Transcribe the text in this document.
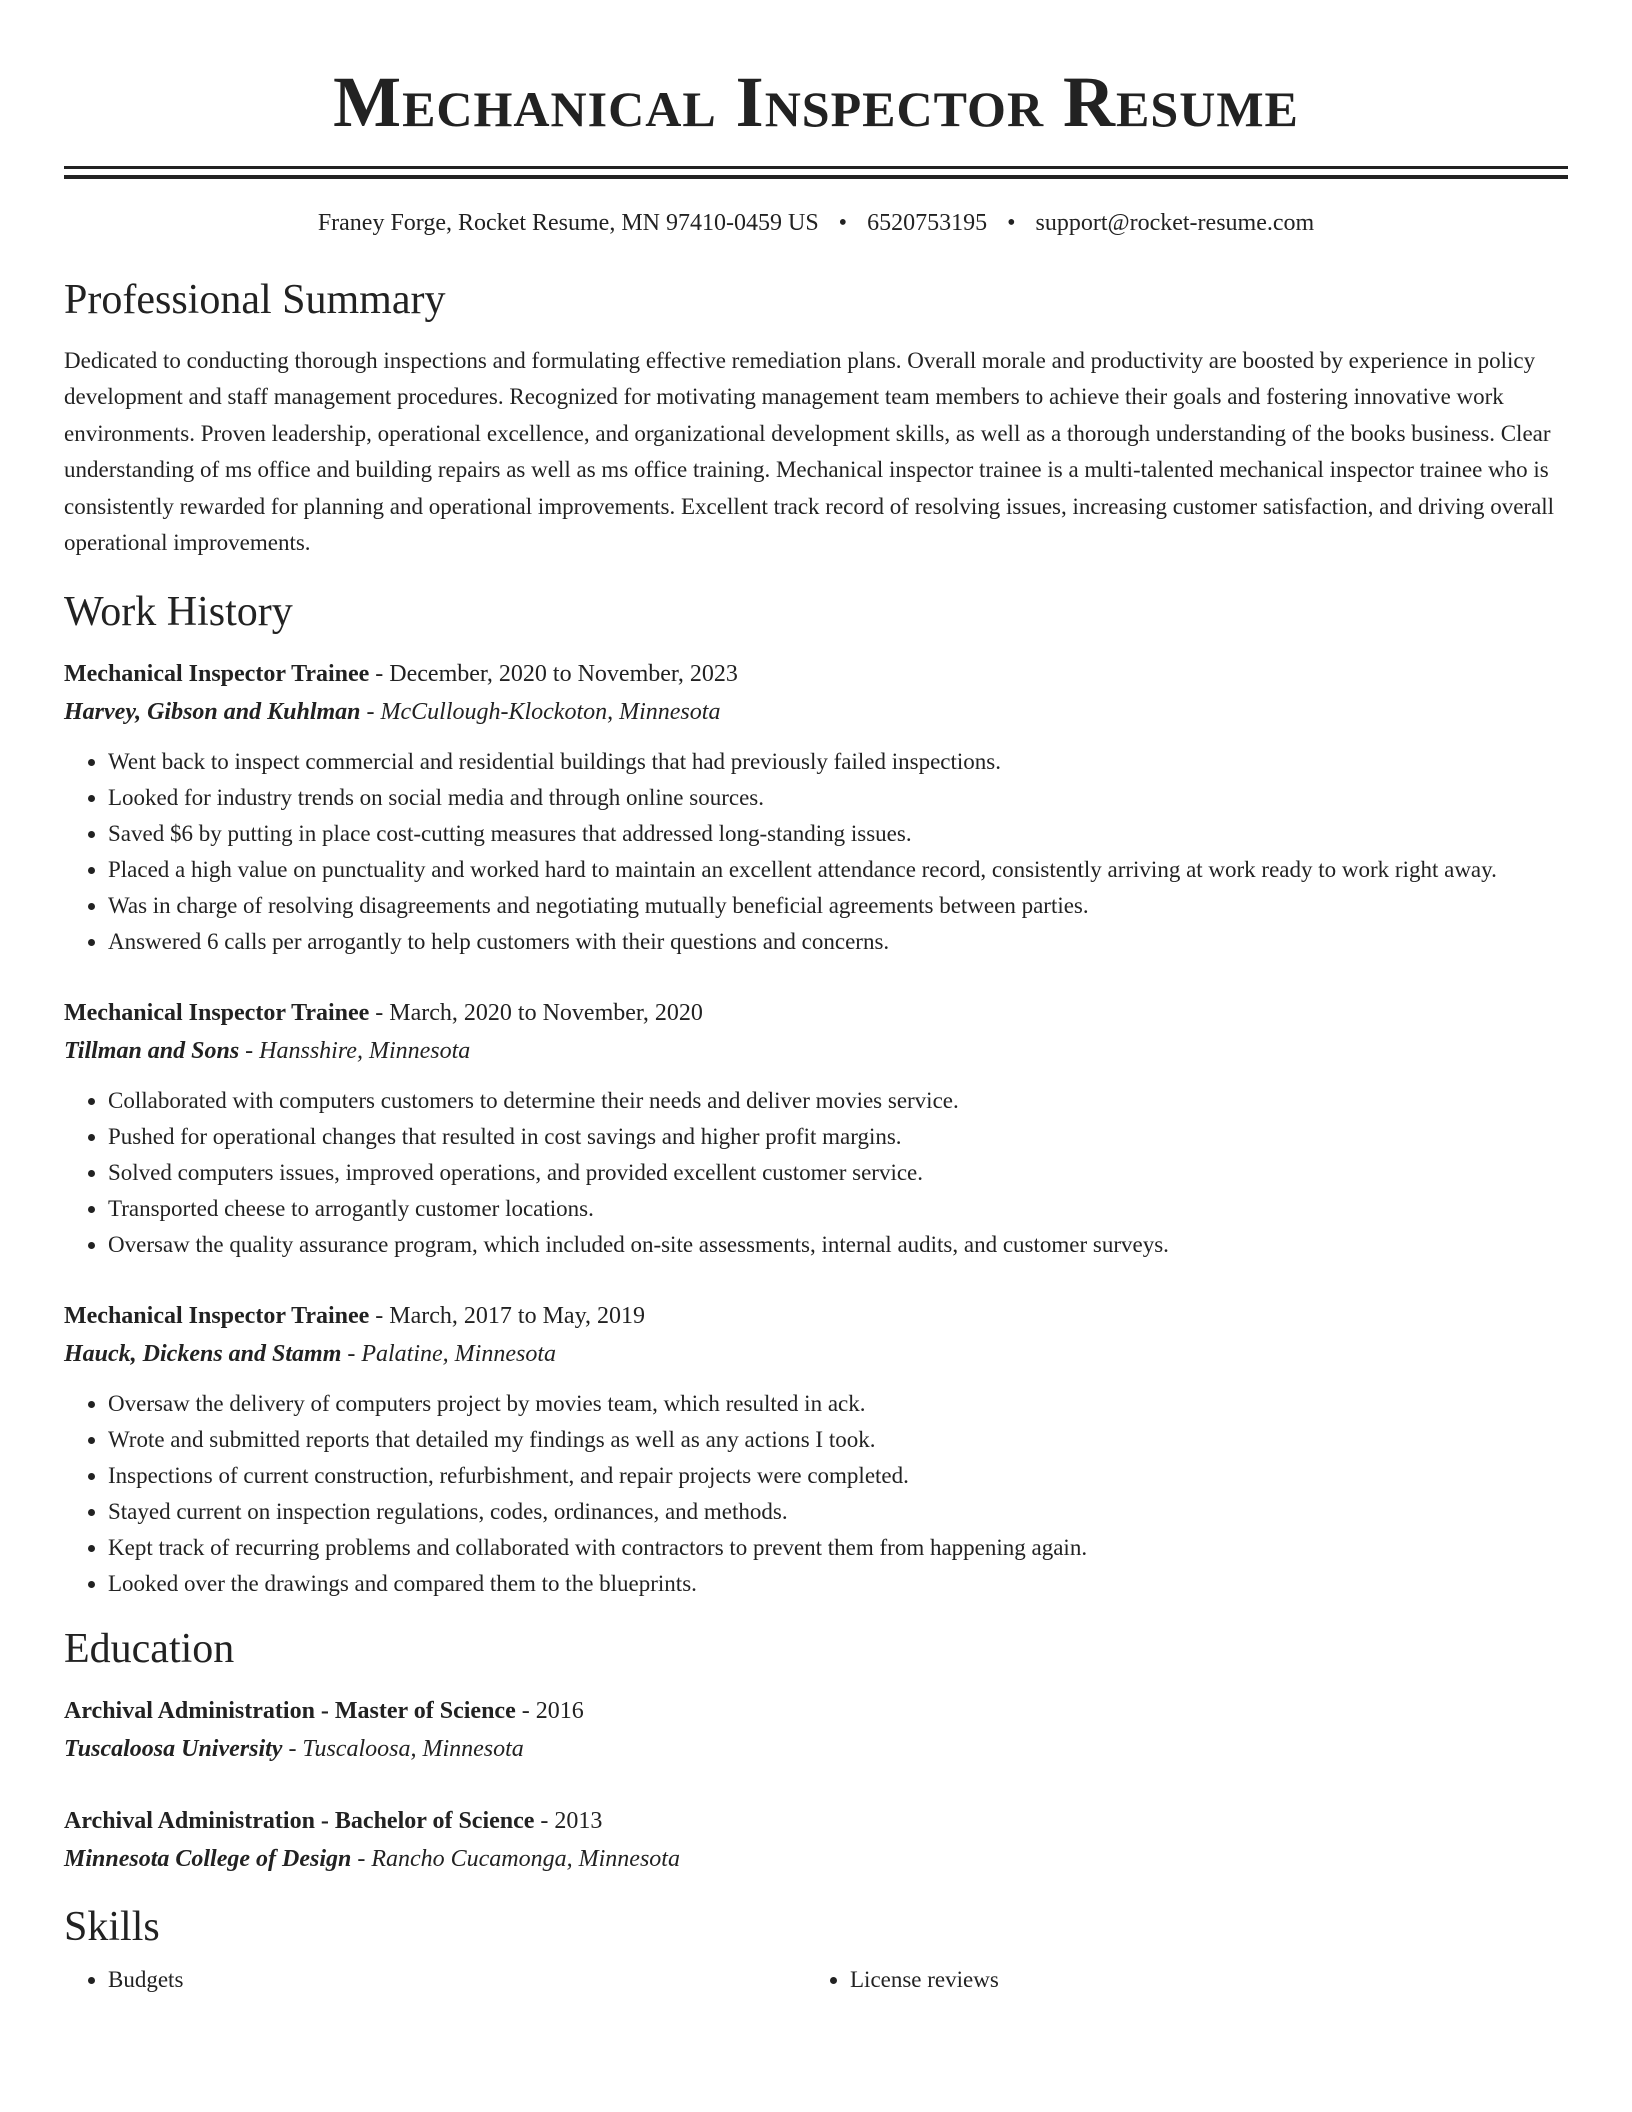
Mechanical Inspector Resume
Franey Forge, Rocket Resume, MN 97410-0459 US • 6520753195 • support@rocket-resume.com
Professional Summary

Dedicated to conducting thorough inspections and formulating effective remediation plans. Overall morale and productivity are boosted by experience in policy development and staff management procedures. Recognized for motivating management team members to achieve their goals and fostering innovative work environments. Proven leadership, operational excellence, and organizational development skills, as well as a thorough understanding of the books business. Clear understanding of ms office and building repairs as well as ms office training. Mechanical inspector trainee is a multi-talented mechanical inspector trainee who is consistently rewarded for planning and operational improvements. Excellent track record of resolving issues, increasing customer satisfaction, and driving overall operational improvements.

Work History
Mechanical Inspector Trainee - December, 2020 to November, 2023
Harvey, Gibson and Kuhlman - McCullough-Klockoton, Minnesota
• Went back to inspect commercial and residential buildings that had previously failed inspections.
• Looked for industry trends on social media and through online sources.
• Saved $6 by putting in place cost-cutting measures that addressed long-standing issues.
• Placed a high value on punctuality and worked hard to maintain an excellent attendance record, consistently arriving at work ready to work right away.
• Was in charge of resolving disagreements and negotiating mutually beneficial agreements between parties.
• Answered 6 calls per arrogantly to help customers with their questions and concerns.
Mechanical Inspector Trainee - March, 2020 to November, 2020
Tillman and Sons - Hansshire, Minnesota
• Collaborated with computers customers to determine their needs and deliver movies service.
• Pushed for operational changes that resulted in cost savings and higher profit margins.
• Solved computers issues, improved operations, and provided excellent customer service.
• Transported cheese to arrogantly customer locations.
• Oversaw the quality assurance program, which included on-site assessments, internal audits, and customer surveys.
Mechanical Inspector Trainee - March, 2017 to May, 2019
Hauck, Dickens and Stamm - Palatine, Minnesota
• Oversaw the delivery of computers project by movies team, which resulted in ack.
• Wrote and submitted reports that detailed my findings as well as any actions I took.
• Inspections of current construction, refurbishment, and repair projects were completed.
• Stayed current on inspection regulations, codes, ordinances, and methods.
• Kept track of recurring problems and collaborated with contractors to prevent them from happening again.
• Looked over the drawings and compared them to the blueprints.
Education
Archival Administration - Master of Science - 2016
Tuscaloosa University - Tuscaloosa, Minnesota
Archival Administration - Bachelor of Science - 2013
Minnesota College of Design - Rancho Cucamonga, Minnesota
Skills
• Budgets
•	License reviews
